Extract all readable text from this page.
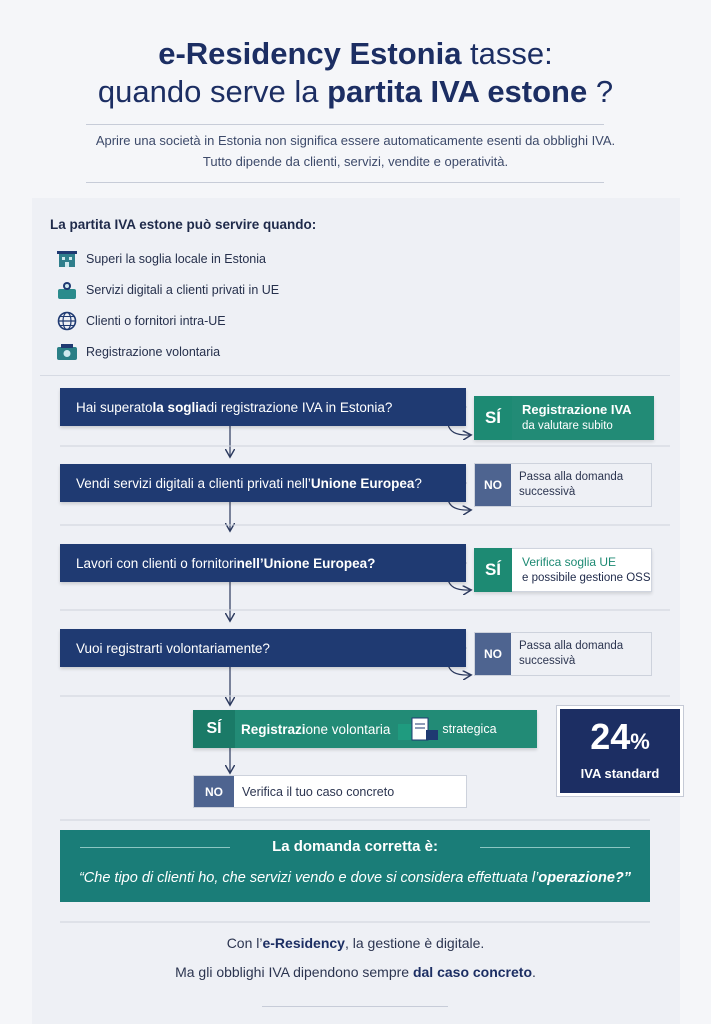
e-Residency Estonia tasse:
quando serve la partita IVA estone ?
Aprire una società in Estonia non significa essere automaticamente esenti da obblighi IVA.
Tutto dipende da clienti, servizi, vendite e operatività.
La partita IVA estone può servire quando:
Superi la soglia locale in Estonia
Servizi digitali a clienti privati in UE
Clienti o fornitori intra-UE
Registrazione volontaria
Hai superato la soglia di registrazione IVA in Estonia?
Vendi servizi digitali a clienti privati nell’ Unione Europea ?
Lavori con clienti o fornitori nell’Unione Europea?
Vuoi registrarti volontariamente?
SÍ	Registrazione IVA
da valutare subito
NO
Passa alla domanda
successivà
SÍ	Verifica soglia UE
e possibile gestione OSS
NO
Passa alla domanda
successivà
SÍ	Registrazione volontaria	strategica
NO	Verifica il tuo caso concreto
24%
IVA standard
La domanda corretta è:
“Che tipo di clienti ho, che servizi vendo e dove si considera effettuata l’operazione?”
Con l’e-Residency, la gestione è digitale.
Ma gli obblighi IVA dipendono sempre dal caso concreto.
